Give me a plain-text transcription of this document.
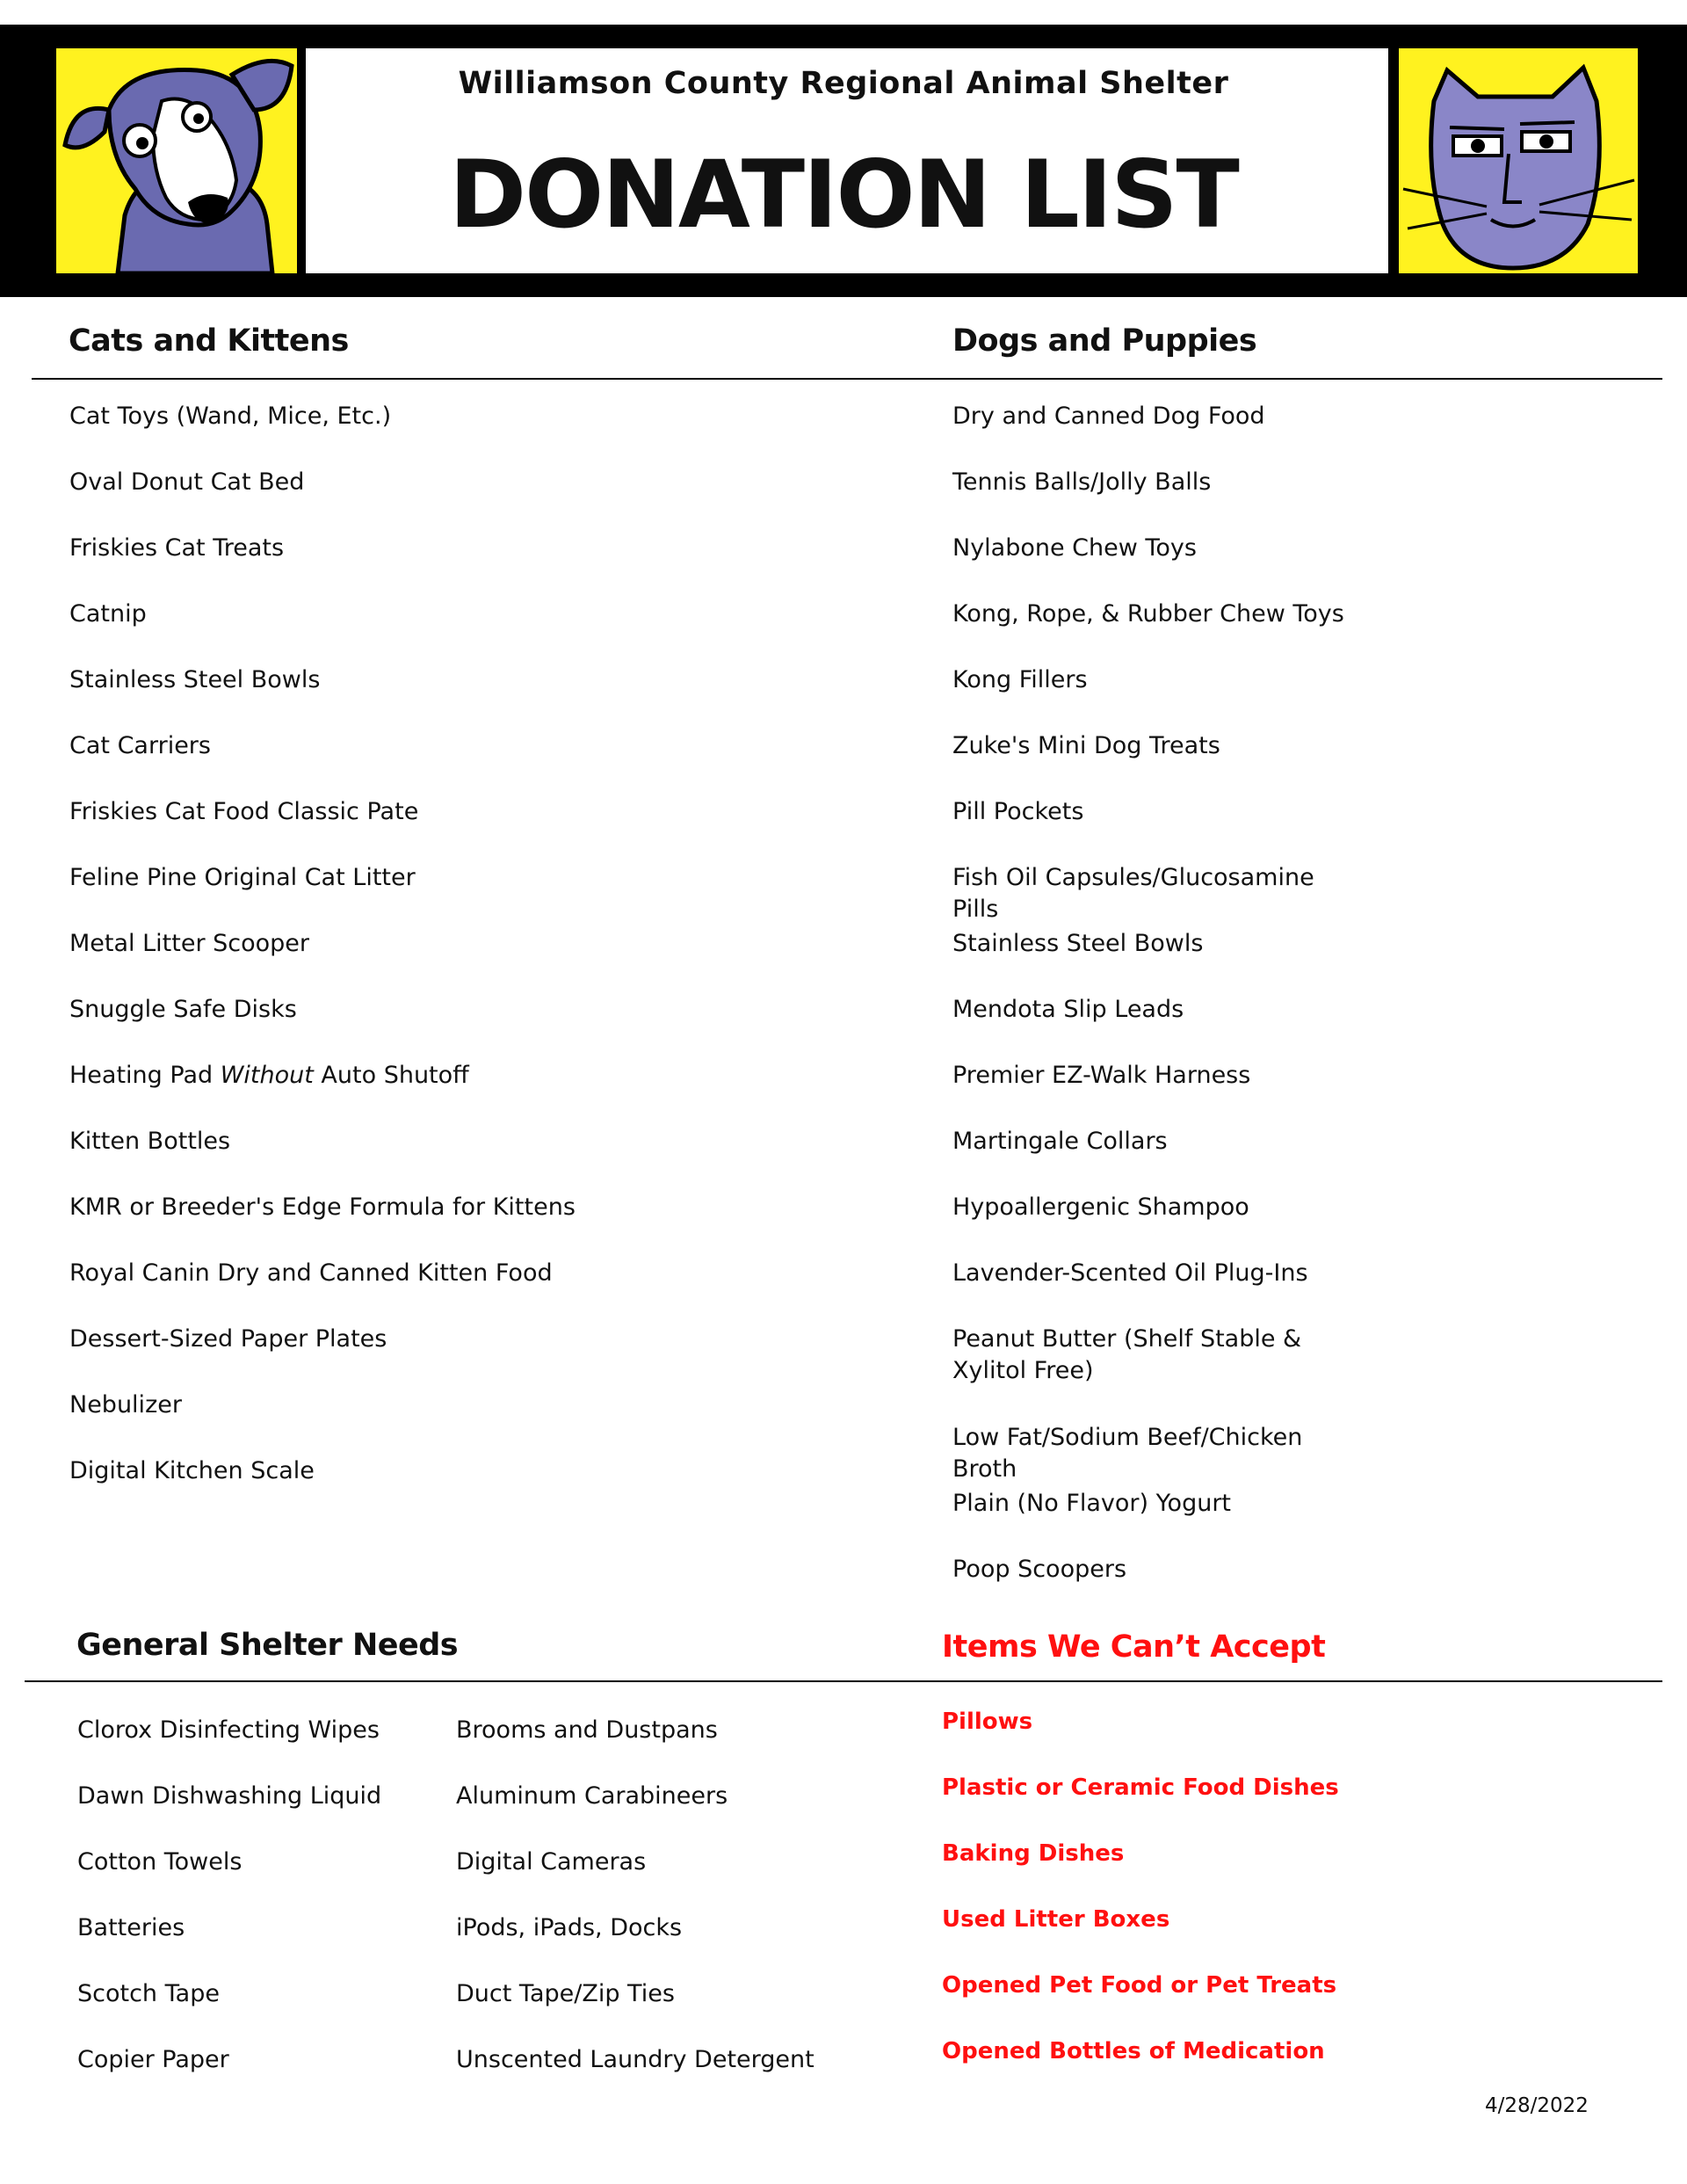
Williamson County Regional Animal Shelter
DONATION LIST
Cats and Kittens	Dogs and Puppies
Cat Toys (Wand, Mice, Etc.)
Oval Donut Cat Bed
Friskies Cat Treats
Catnip
Stainless Steel Bowls
Cat Carriers
Friskies Cat Food Classic Pate
Feline Pine Original Cat Litter
Metal Litter Scooper
Snuggle Safe Disks
Heating Pad Without Auto Shutoff
Kitten Bottles
KMR or Breeder's Edge Formula for Kittens
Royal Canin Dry and Canned Kitten Food
Dessert-Sized Paper Plates
Nebulizer
Digital Kitchen Scale
Dry and Canned Dog Food
Tennis Balls/Jolly Balls
Nylabone Chew Toys
Kong, Rope, & Rubber Chew Toys
Kong Fillers
Zuke's Mini Dog Treats
Pill Pockets
Fish Oil Capsules/Glucosamine Pills
Stainless Steel Bowls
Mendota Slip Leads
Premier EZ-Walk Harness
Martingale Collars
Hypoallergenic Shampoo
Lavender-Scented Oil Plug-Ins
Peanut Butter (Shelf Stable & Xylitol Free)
Low Fat/Sodium Beef/Chicken Broth
Plain (No Flavor) Yogurt
Poop Scoopers
General Shelter Needs	Items We Can’t Accept
Clorox Disinfecting Wipes
Dawn Dishwashing Liquid
Cotton Towels
Batteries
Scotch Tape
Copier Paper
Brooms and Dustpans
Aluminum Carabineers
Digital Cameras
iPods, iPads, Docks
Duct Tape/Zip Ties
Unscented Laundry Detergent
Pillows
Plastic or Ceramic Food Dishes
Baking Dishes
Used Litter Boxes
Opened Pet Food or Pet Treats
Opened Bottles of Medication
4/28/2022
